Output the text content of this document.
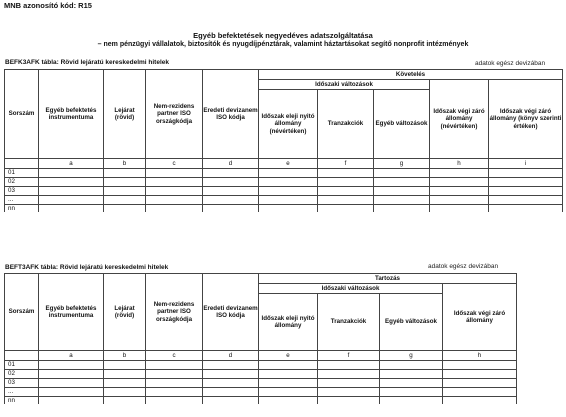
MNB azonosító kód: R15
Egyéb befektetések negyedéves adatszolgáltatása
– nem pénzügyi vállalatok, biztosítók és nyugdíjpénztárak, valamint háztartásokat segítő nonprofit intézmények
BEFK3AFK tábla: Rövid lejáratú kereskedelmi hitelek	adatok egész devizában
Sorszám	Egyéb befektetés instrumentuma	Lejárat (rövid)	Nem-rezidens partner ISO országkódja	Eredeti devizanem ISO kódja	Követelés				
					Időszaki változások			Időszak végi záró állomány (névértéken)	Időszak végi záró állomány (könyv szerinti értéken)
					Időszak eleji nyitó állomány (névértéken)	Tranzakciók	Egyéb változások		
	a	b	c	d	e	f	g	h	i
01									
02									
03									
...									
nn									
BEFT3AFK tábla: Rövid lejáratú kereskedelmi hitelek	adatok egész devizában
Sorszám	Egyéb befektetés instrumentuma	Lejárat (rövid)	Nem-rezidens partner ISO országkódja	Eredeti devizanem ISO kódja	Tartozás			
					Időszaki változások			Időszak végi záró állomány
					Időszak eleji nyitó állomány	Tranzakciók	Egyéb változások	
	a	b	c	d	e	f	g	h
01								
02								
03								
...								
nn								
